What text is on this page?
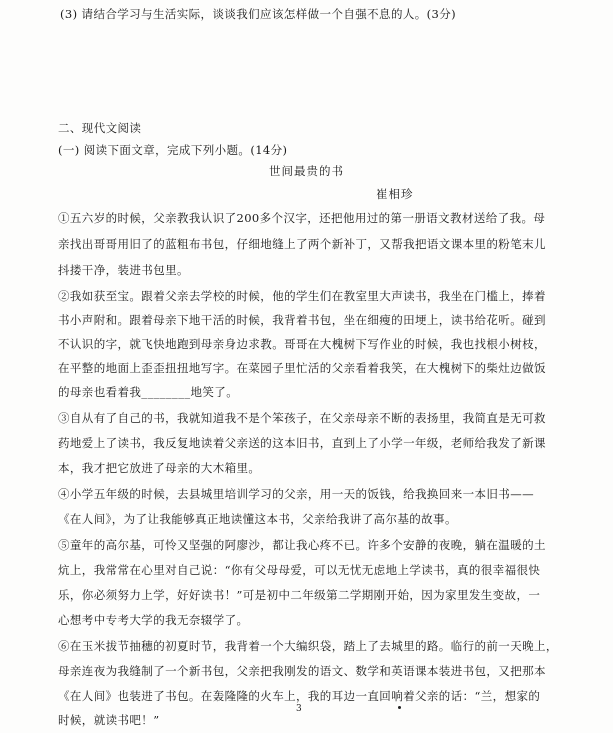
(3) 请结合学习与生活实际，谈谈我们应该怎样做一个自强不息的人。(3分)
二、现代文阅读
(一) 阅读下面文章，完成下列小题。(14分)
世间最贵的书
崔相珍
①五六岁的时候，父亲教我认识了200多个汉字，还把他用过的第一册语文教材送给了我。母
亲找出哥哥用旧了的蓝粗布书包，仔细地缝上了两个新补丁，又帮我把语文课本里的粉笔末儿
抖搂干净，装进书包里。
②我如获至宝。跟着父亲去学校的时候，他的学生们在教室里大声读书，我坐在门槛上，捧着
书小声附和。跟着母亲下地干活的时候，我背着书包，坐在细瘦的田埂上，读书给花听。碰到
不认识的字，就飞快地跑到母亲身边求教。哥哥在大槐树下写作业的时候，我也找根小树枝，
在平整的地面上歪歪扭扭地写字。在菜园子里忙活的父亲看着我笑，在大槐树下的柴灶边做饭
的母亲也看着我________地笑了。
③自从有了自己的书，我就知道我不是个笨孩子，在父亲母亲不断的表扬里，我简直是无可救
药地爱上了读书，我反复地读着父亲送的这本旧书，直到上了小学一年级，老师给我发了新课
本，我才把它放进了母亲的大木箱里。
④小学五年级的时候，去县城里培训学习的父亲，用一天的饭钱，给我换回来一本旧书——
《在人间》，为了让我能够真正地读懂这本书，父亲给我讲了高尔基的故事。
⑤童年的高尔基，可怜又坚强的阿廖沙，都让我心疼不已。许多个安静的夜晚，躺在温暖的土
炕上，我常常在心里对自己说：“你有父母母爱，可以无忧无虑地上学读书，真的很幸福很快
乐，你必须努力上学，好好读书！”可是初中二年级第二学期刚开始，因为家里发生变故，一
心想考中专考大学的我无奈辍学了。
⑥在玉米拔节抽穗的初夏时节，我背着一个大编织袋，踏上了去城里的路。临行的前一天晚上，
母亲连夜为我缝制了一个新书包，父亲把我刚发的语文、数学和英语课本装进书包，又把那本
《在人间》也装进了书包。在轰隆隆的火车上，我的耳边一直回响着父亲的话：“兰，想家的
时候，就读书吧！”
3
